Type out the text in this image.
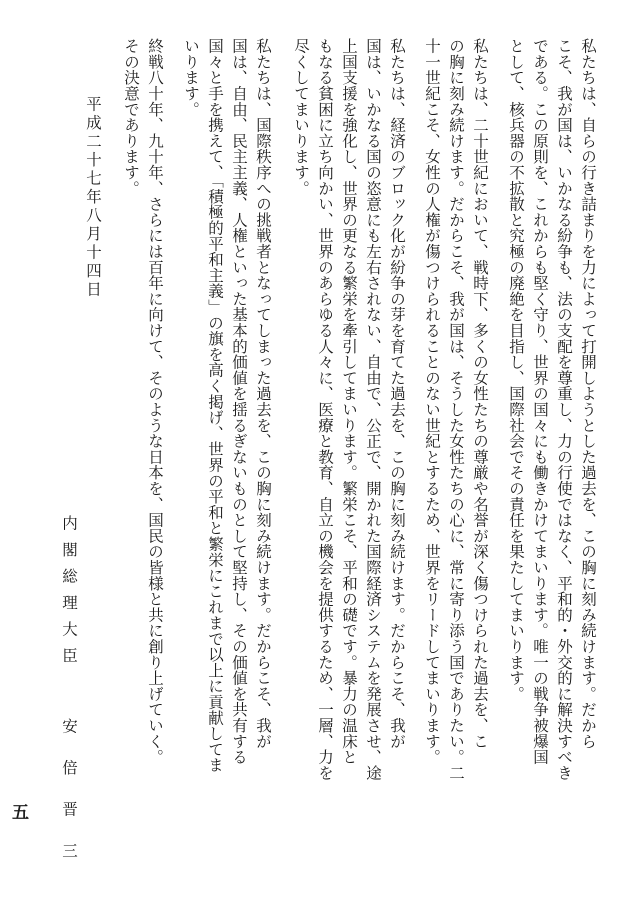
私たちは、自らの行き詰まりを力によって打開しようとした過去を、この胸に刻み続けます。だから
こそ、我が国は、いかなる紛争も、法の支配を尊重し、力の行使ではなく、平和的・外交的に解決すべき
である。この原則を、これからも堅く守り、世界の国々にも働きかけてまいります。唯一の戦争被爆国
として、核兵器の不拡散と究極の廃絶を目指し、国際社会でその責任を果たしてまいります。
私たちは、二十世紀において、戦時下、多くの女性たちの尊厳や名誉が深く傷つけられた過去を、こ
の胸に刻み続けます。だからこそ、我が国は、そうした女性たちの心に、常に寄り添う国でありたい。二
十一世紀こそ、女性の人権が傷つけられることのない世紀とするため、世界をリードしてまいります。
私たちは、経済のブロック化が紛争の芽を育てた過去を、この胸に刻み続けます。だからこそ、我が
国は、いかなる国の恣意にも左右されない、自由で、公正で、開かれた国際経済システムを発展させ、途
上国支援を強化し、世界の更なる繁栄を牽引してまいります。繁栄こそ、平和の礎です。暴力の温床と
もなる貧困に立ち向かい、世界のあらゆる人々に、医療と教育、自立の機会を提供するため、一層、力を
尽くしてまいります。
私たちは、国際秩序への挑戦者となってしまった過去を、この胸に刻み続けます。だからこそ、我が
国は、自由、民主主義、人権といった基本的価値を揺るぎないものとして堅持し、その価値を共有する
国々と手を携えて、「積極的平和主義」の旗を高く掲げ、世界の平和と繁栄にこれまで以上に貢献してま
いります。
終戦八十年、九十年、さらには百年に向けて、そのような日本を、国民の皆様と共に創り上げていく。
その決意であります。
平成二十七年八月十四日
内閣総理大臣
安倍晋三
五
